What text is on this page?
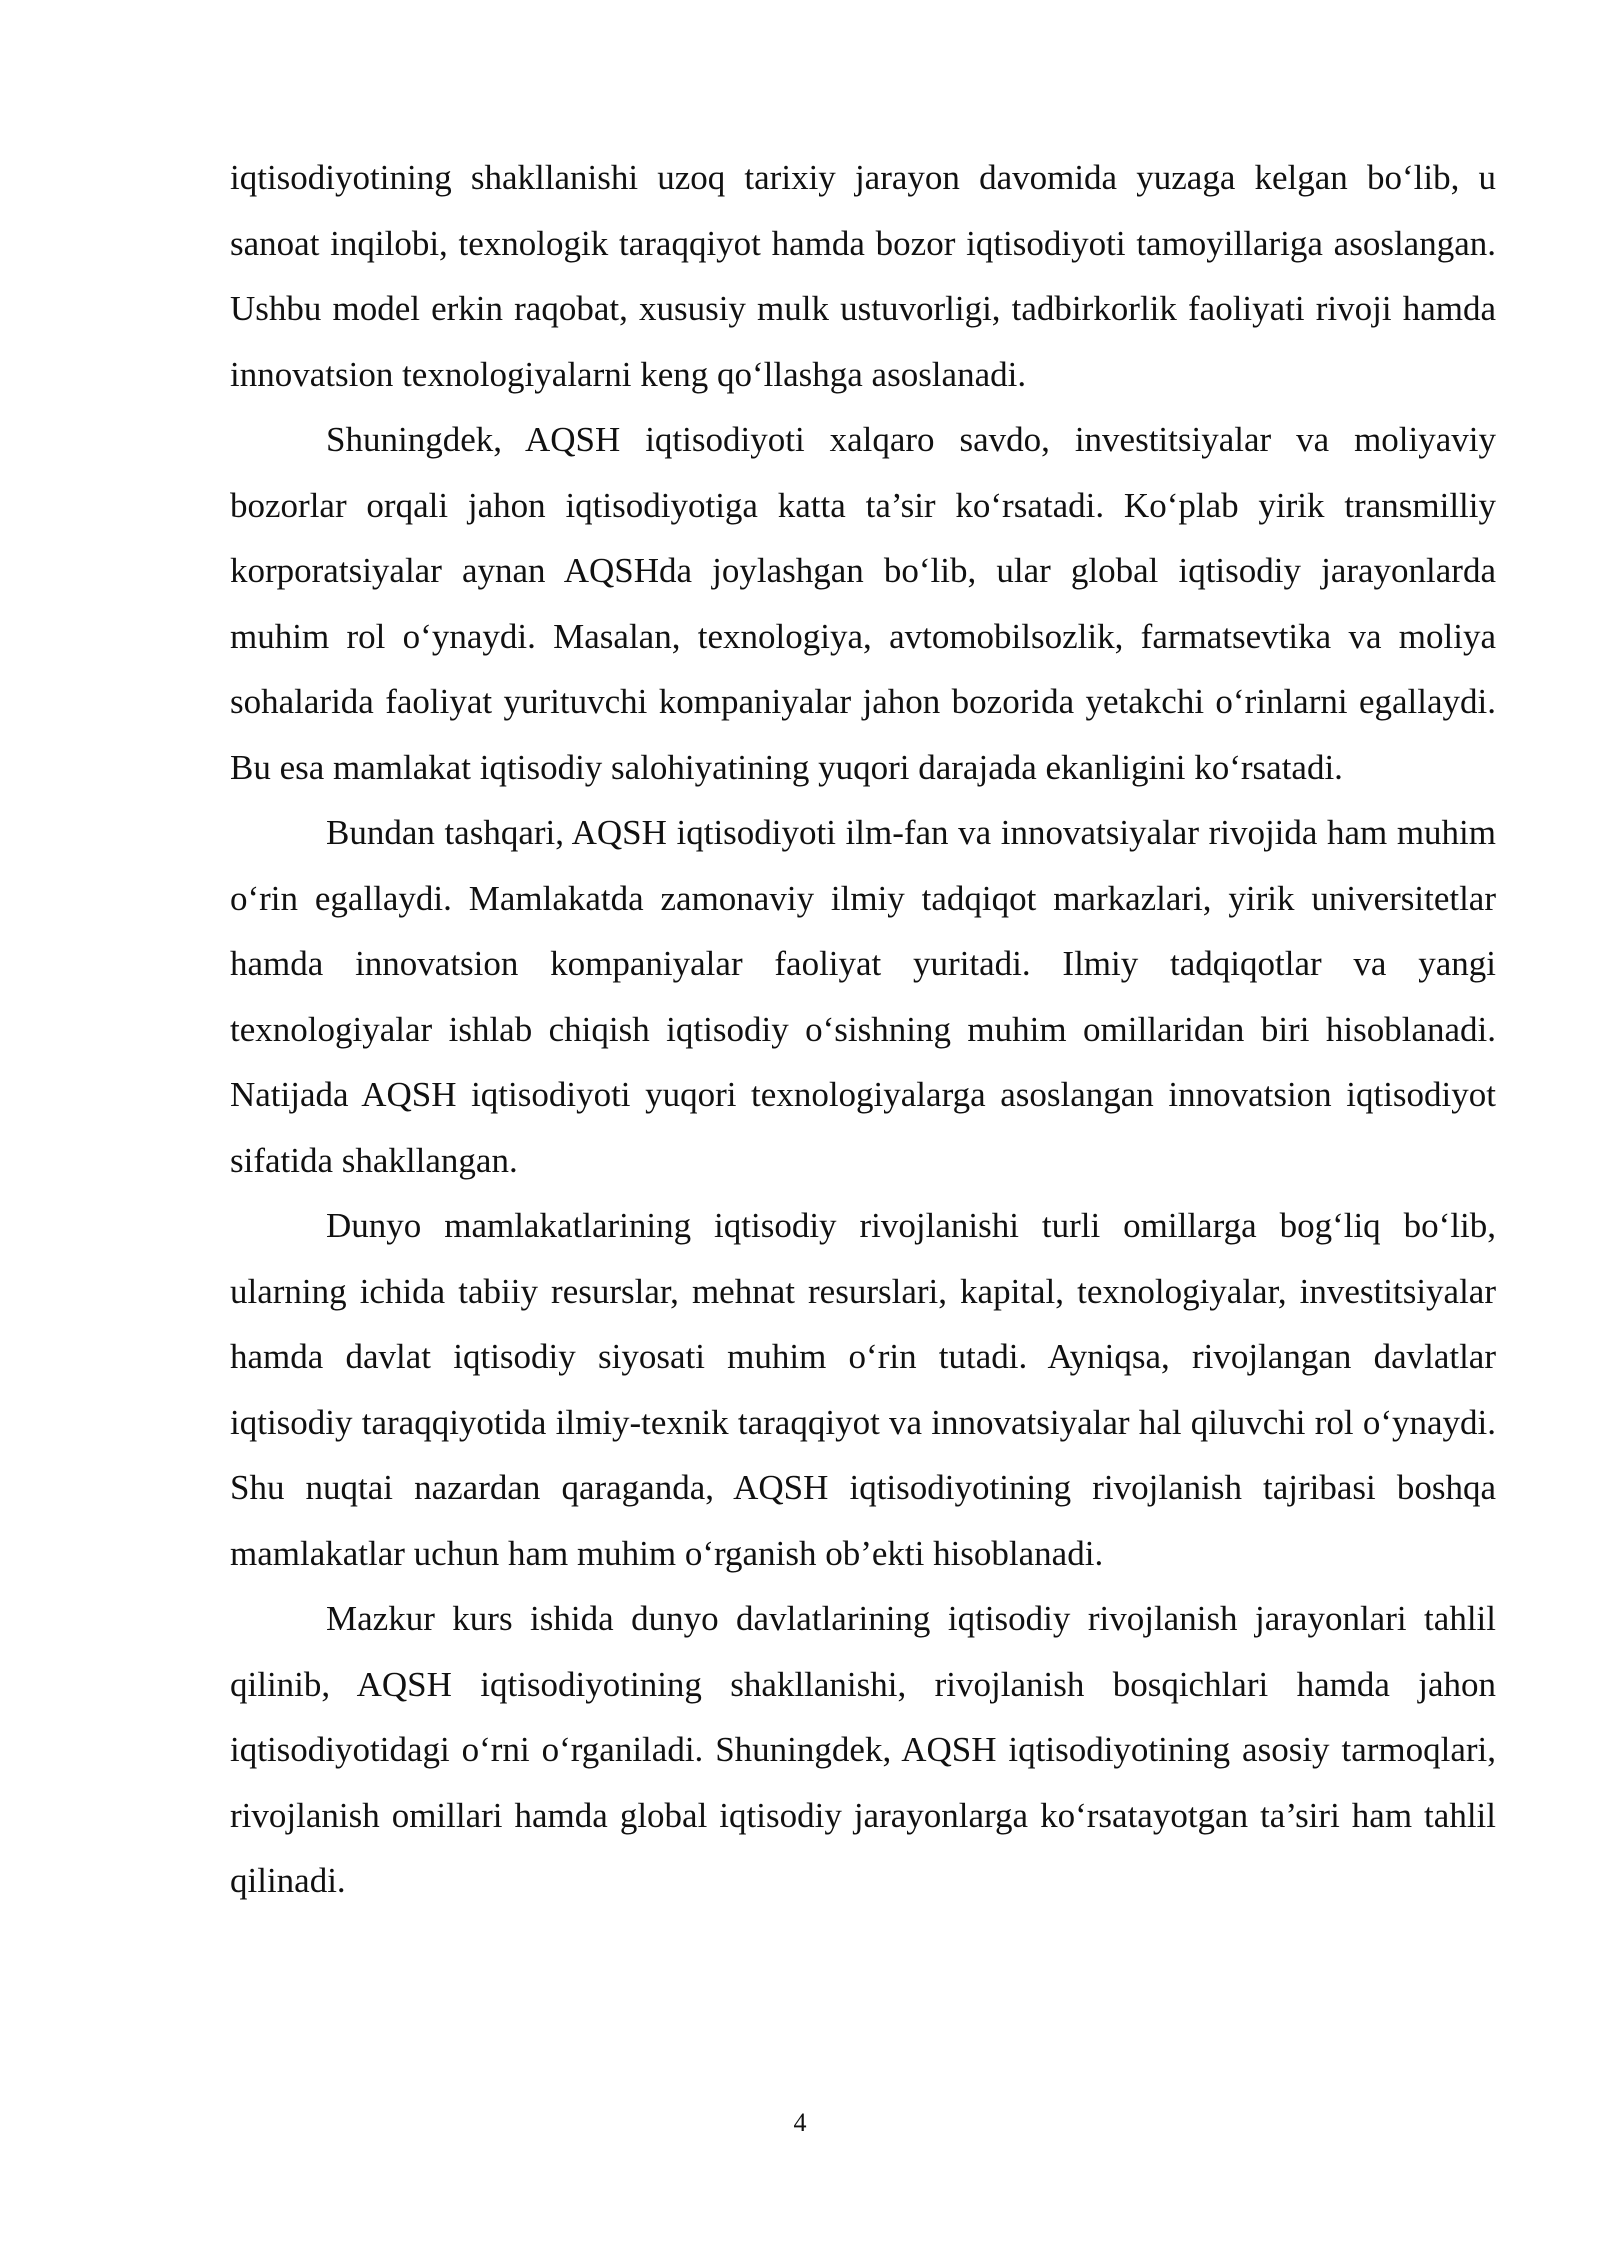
iqtisodiyotining shakllanishi uzoq tarixiy jarayon davomida yuzaga kelgan bo‘lib, u sanoat inqilobi, texnologik taraqqiyot hamda bozor iqtisodiyoti tamoyillariga asoslangan. Ushbu model erkin raqobat, xususiy mulk ustuvorligi, tadbirkorlik faoliyati rivoji hamda innovatsion texnologiyalarni keng qo‘llashga asoslanadi.

Shuningdek, AQSH iqtisodiyoti xalqaro savdo, investitsiyalar va moliyaviy bozorlar orqali jahon iqtisodiyotiga katta ta’sir ko‘rsatadi. Ko‘plab yirik transmilliy korporatsiyalar aynan AQSHda joylashgan bo‘lib, ular global iqtisodiy jarayonlarda muhim rol o‘ynaydi. Masalan, texnologiya, avtomobilsozlik, farmatsevtika va moliya sohalarida faoliyat yurituvchi kompaniyalar jahon bozorida yetakchi o‘rinlarni egallaydi. Bu esa mamlakat iqtisodiy salohiyatining yuqori darajada ekanligini ko‘rsatadi.

Bundan tashqari, AQSH iqtisodiyoti ilm-fan va innovatsiyalar rivojida ham muhim o‘rin egallaydi. Mamlakatda zamonaviy ilmiy tadqiqot markazlari, yirik universitetlar hamda innovatsion kompaniyalar faoliyat yuritadi. Ilmiy tadqiqotlar va yangi texnologiyalar ishlab chiqish iqtisodiy o‘sishning muhim omillaridan biri hisoblanadi. Natijada AQSH iqtisodiyoti yuqori texnologiyalarga asoslangan innovatsion iqtisodiyot sifatida shakllangan.

Dunyo mamlakatlarining iqtisodiy rivojlanishi turli omillarga bog‘liq bo‘lib, ularning ichida tabiiy resurslar, mehnat resurslari, kapital, texnologiyalar, investitsiyalar hamda davlat iqtisodiy siyosati muhim o‘rin tutadi. Ayniqsa, rivojlangan davlatlar iqtisodiy taraqqiyotida ilmiy-texnik taraqqiyot va innovatsiyalar hal qiluvchi rol o‘ynaydi. Shu nuqtai nazardan qaraganda, AQSH iqtisodiyotining rivojlanish tajribasi boshqa mamlakatlar uchun ham muhim o‘rganish ob’ekti hisoblanadi.

Mazkur kurs ishida dunyo davlatlarining iqtisodiy rivojlanish jarayonlari tahlil qilinib, AQSH iqtisodiyotining shakllanishi, rivojlanish bosqichlari hamda jahon iqtisodiyotidagi o‘rni o‘rganiladi. Shuningdek, AQSH iqtisodiyotining asosiy tarmoqlari, rivojlanish omillari hamda global iqtisodiy jarayonlarga ko‘rsatayotgan ta’siri ham tahlil qilinadi.

4
